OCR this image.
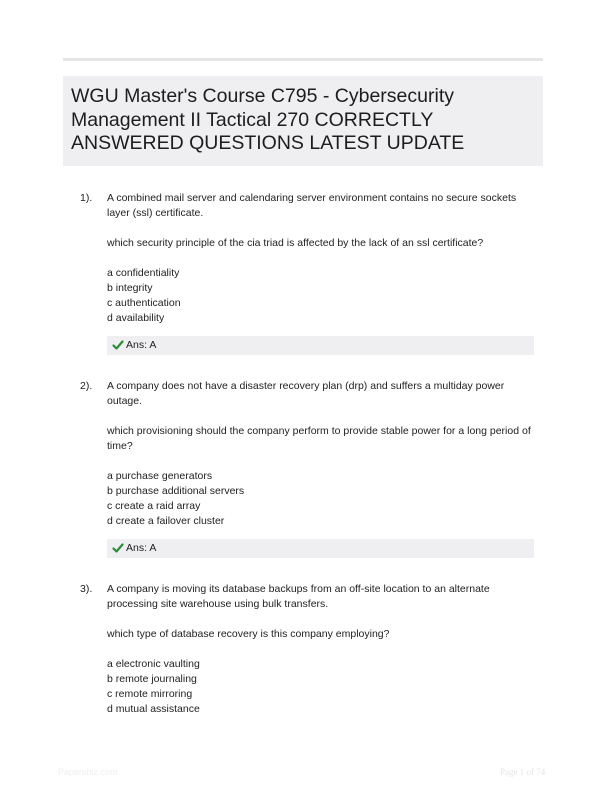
WGU Master's Course C795 - Cybersecurity Management II Tactical 270 CORRECTLY ANSWERED QUESTIONS LATEST UPDATE
1). A combined mail server and calendaring server environment contains no secure sockets layer (ssl) certificate.

which security principle of the cia triad is affected by the lack of an ssl certificate?

a confidentiality

b integrity

c authentication

d availability

Ans: A
2). A company does not have a disaster recovery plan (drp) and suffers a multiday power outage.

which provisioning should the company perform to provide stable power for a long period of time?

a purchase generators

b purchase additional servers

c create a raid array

d create a failover cluster

Ans: A
3). A company is moving its database backups from an off-site location to an alternate processing site warehouse using bulk transfers.

which type of database recovery is this company employing?

a electronic vaulting

b remote journaling

c remote mirroring

d mutual assistance

Papersbiz.com	Page 1 of 74
